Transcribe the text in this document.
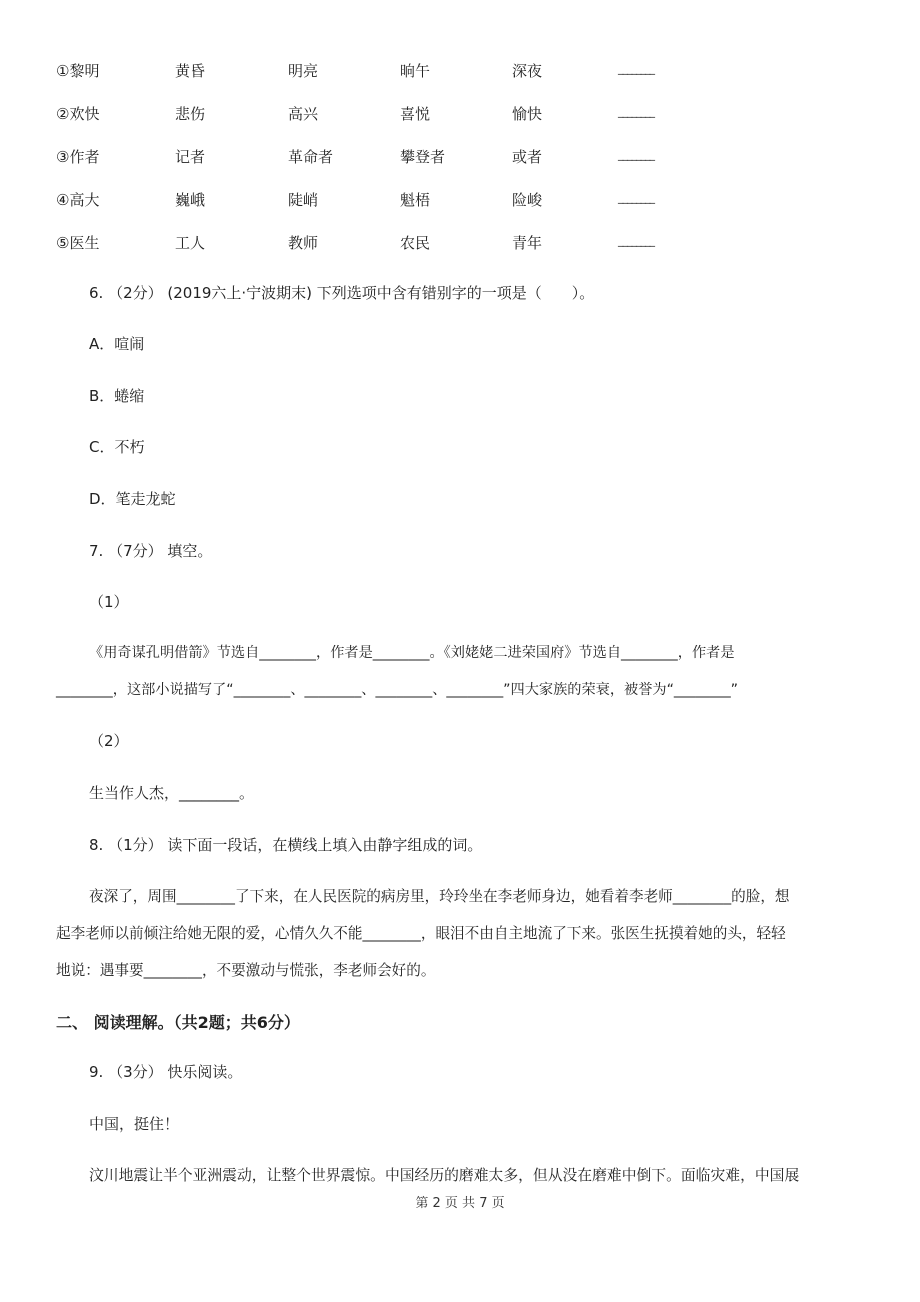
①黎明	黄昏	明亮	晌午	深夜	________
②欢快	悲伤	高兴	喜悦	愉快	________
③作者	记者	革命者	攀登者	或者	________
④高大	巍峨	陡峭	魁梧	险峻	________
⑤医生	工人	教师	农民	青年	________
6. （2分） (2019六上·宁波期末) 下列选项中含有错别字的一项是（　　）。
A．喧闹
B．蜷缩
C．不朽
D．笔走龙蛇
7. （7分） 填空。
（1）
《用奇谋孔明借箭》节选自________，作者是________。《刘姥姥二进荣国府》节选自________，作者是
________，这部小说描写了“________、________、________、________”四大家族的荣衰，被誉为“________”
（2）
生当作人杰，________。
8. （1分） 读下面一段话，在横线上填入由静字组成的词。
夜深了，周围________了下来，在人民医院的病房里，玲玲坐在李老师身边，她看着李老师________的脸，想
起李老师以前倾注给她无限的爱，心情久久不能________，眼泪不由自主地流了下来。张医生抚摸着她的头，轻轻
地说：遇事要________，不要激动与慌张，李老师会好的。
二、 阅读理解。（共2题；共6分）
9. （3分） 快乐阅读。
中国，挺住！
汶川地震让半个亚洲震动，让整个世界震惊。中国经历的磨难太多，但从没在磨难中倒下。面临灾难，中国展
第 2 页 共 7 页
